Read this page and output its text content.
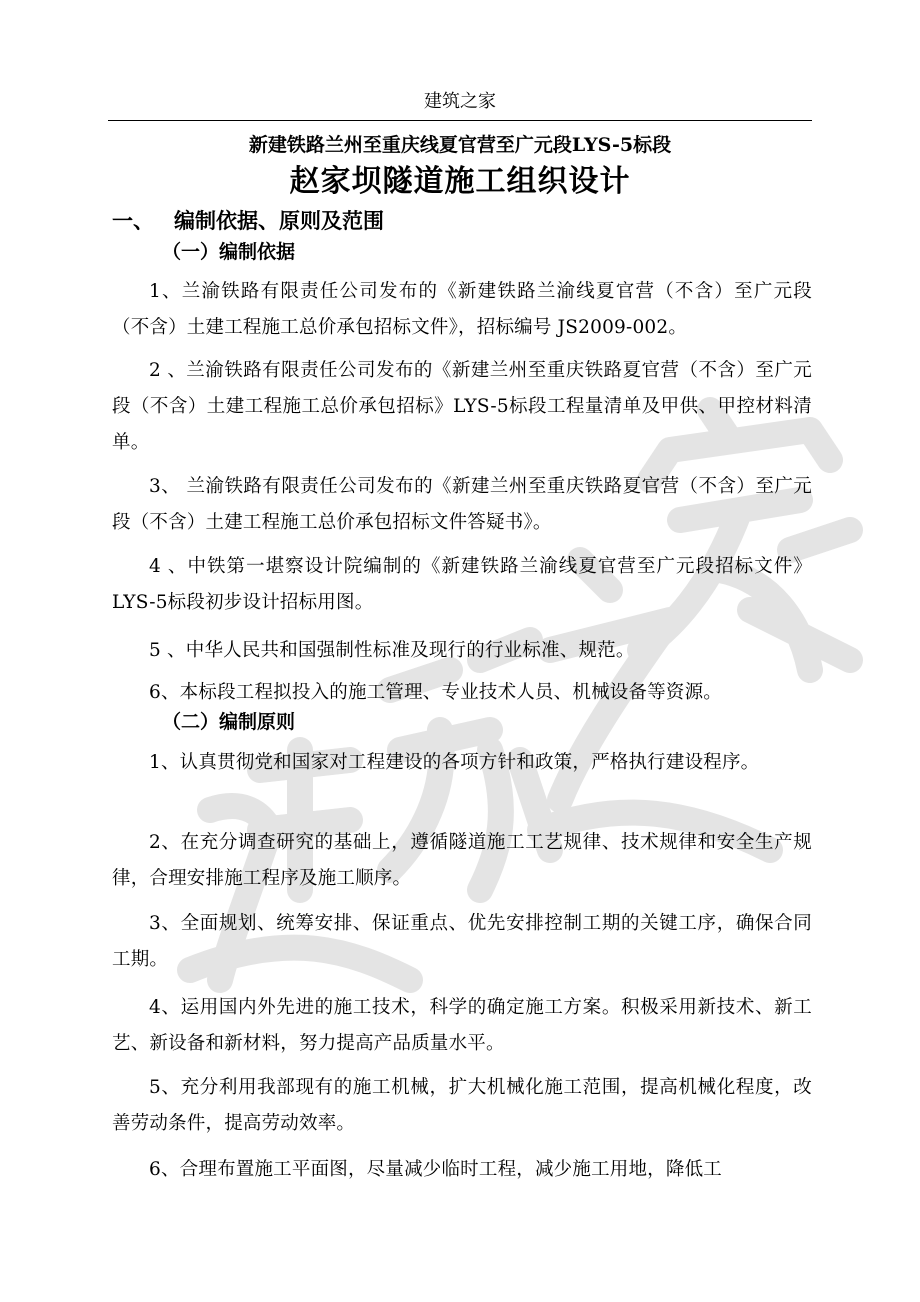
建筑之家
新建铁路兰州至重庆线夏官营至广元段LYS-5标段
赵家坝隧道施工组织设计
一、 编制依据、原则及范围
（一）编制依据

1、兰渝铁路有限责任公司发布的《新建铁路兰渝线夏官营（不含）至广元段（不含）土建工程施工总价承包招标文件》，招标编号 JS2009-002。

2 、兰渝铁路有限责任公司发布的《新建兰州至重庆铁路夏官营（不含）至广元段（不含）土建工程施工总价承包招标》LYS-5标段工程量清单及甲供、甲控材料清单。

3、 兰渝铁路有限责任公司发布的《新建兰州至重庆铁路夏官营（不含）至广元段（不含）土建工程施工总价承包招标文件答疑书》。

4 、中铁第一堪察设计院编制的《新建铁路兰渝线夏官营至广元段招标文件》LYS-5标段初步设计招标用图。

5 、中华人民共和国强制性标准及现行的行业标准、规范。

6、本标段工程拟投入的施工管理、专业技术人员、机械设备等资源。

（二）编制原则

1、认真贯彻党和国家对工程建设的各项方针和政策，严格执行建设程序。

2、在充分调查研究的基础上，遵循隧道施工工艺规律、技术规律和安全生产规律，合理安排施工程序及施工顺序。

3、全面规划、统筹安排、保证重点、优先安排控制工期的关键工序，确保合同工期。

4、运用国内外先进的施工技术，科学的确定施工方案。积极采用新技术、新工艺、新设备和新材料，努力提高产品质量水平。

5、充分利用我部现有的施工机械，扩大机械化施工范围，提高机械化程度，改善劳动条件，提高劳动效率。

6、合理布置施工平面图，尽量减少临时工程，减少施工用地，降低工
